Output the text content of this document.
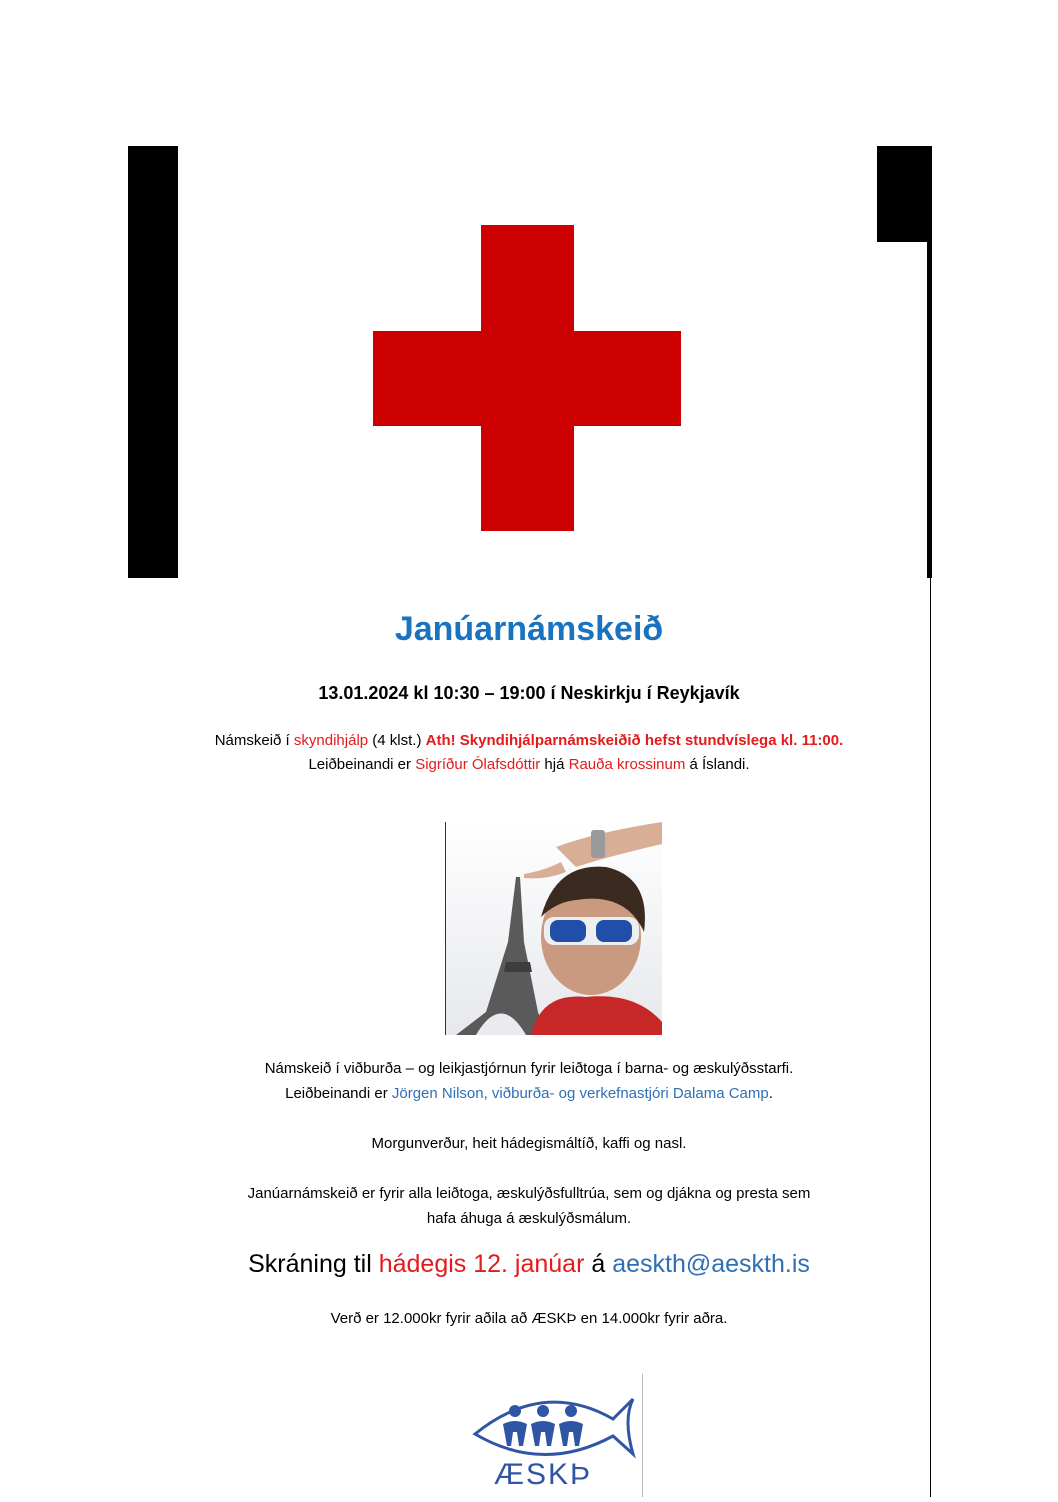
Janúarnámskeið
13.01.2024 kl 10:30 – 19:00 í Neskirkju í Reykjavík
Námskeið í skyndihjálp (4 klst.) Ath! Skyndihjálparnámskeiðið hefst stundvíslega kl. 11:00.
Leiðbeinandi er Sigríður Ólafsdóttir hjá Rauða krossinum á Íslandi.
Námskeið í viðburða – og leikjastjórnun fyrir leiðtoga í barna- og æskulýðsstarfi.
Leiðbeinandi er Jörgen Nilson, viðburða- og verkefnastjóri Dalama Camp.
Morgunverður, heit hádegismáltíð, kaffi og nasl.
Janúarnámskeið er fyrir alla leiðtoga, æskulýðsfulltrúa, sem og djákna og presta sem
hafa áhuga á æskulýðsmálum.
Skráning til hádegis 12. janúar á aeskth@aeskth.is
Verð er 12.000kr fyrir aðila að ÆSKÞ en 14.000kr fyrir aðra.
ÆSKÞ
